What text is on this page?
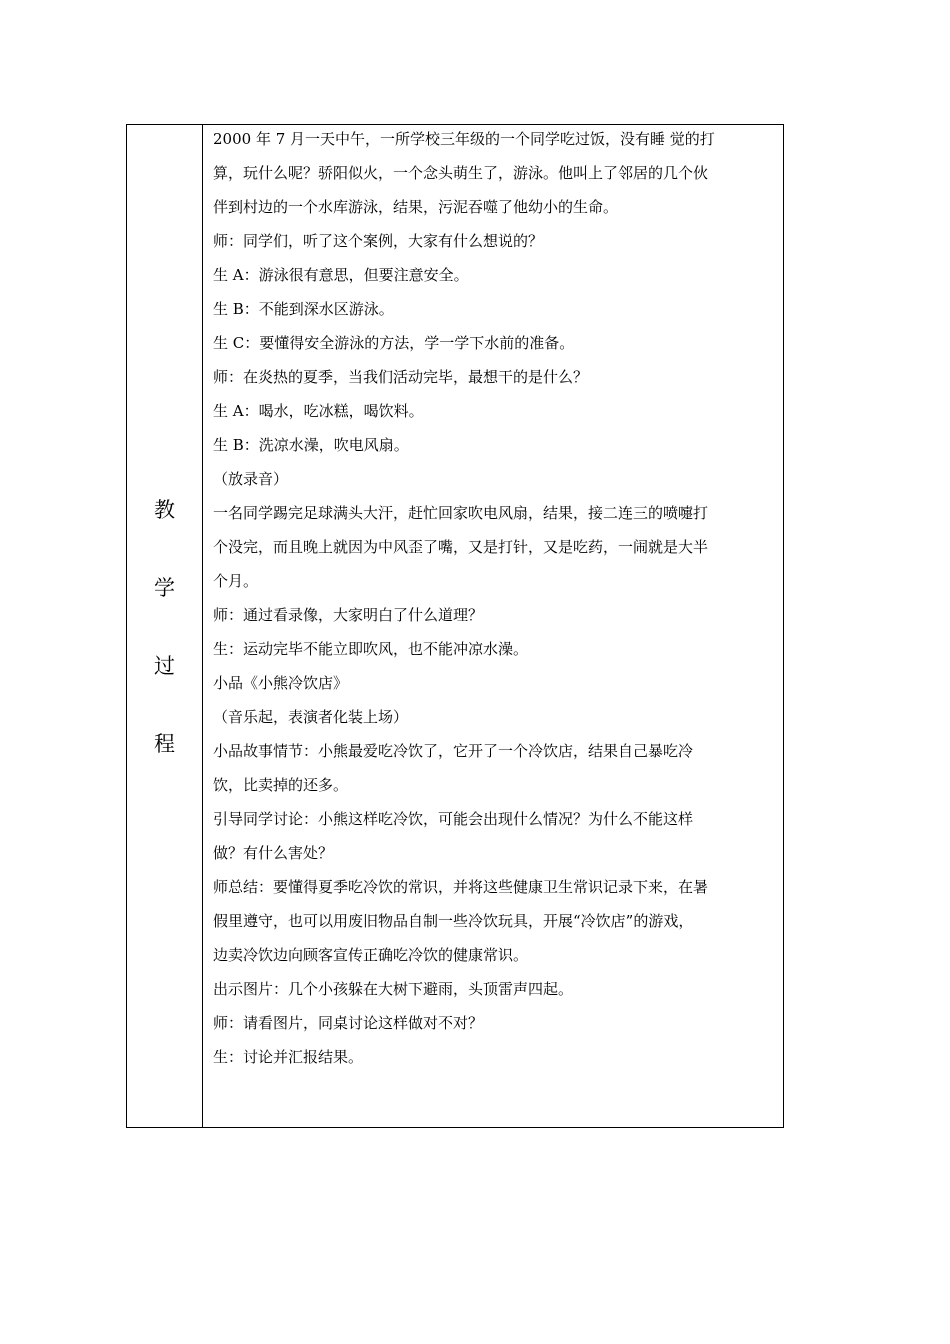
教
学
过
程
2000 年 7 月一天中午，一所学校三年级的一个同学吃过饭，没有睡 觉的打
算，玩什么呢？骄阳似火，一个念头萌生了，游泳。他叫上了邻居的几个伙
伴到村边的一个水库游泳，结果，污泥吞噬了他幼小的生命。
师：同学们，听了这个案例，大家有什么想说的？
生 A：游泳很有意思，但要注意安全。
生 B：不能到深水区游泳。
生 C：要懂得安全游泳的方法，学一学下水前的准备。
师：在炎热的夏季，当我们活动完毕，最想干的是什么？
生 A：喝水，吃冰糕，喝饮料。
生 B：洗凉水澡，吹电风扇。
（放录音）
一名同学踢完足球满头大汗，赶忙回家吹电风扇，结果，接二连三的喷嚏打
个没完，而且晚上就因为中风歪了嘴，又是打针，又是吃药，一闹就是大半
个月。
师：通过看录像，大家明白了什么道理？
生：运动完毕不能立即吹风，也不能冲凉水澡。
小品《小熊冷饮店》
（音乐起，表演者化装上场）
小品故事情节：小熊最爱吃冷饮了，它开了一个冷饮店，结果自己暴吃冷
饮，比卖掉的还多。
引导同学讨论：小熊这样吃冷饮，可能会出现什么情况？为什么不能这样
做？有什么害处？
师总结：要懂得夏季吃冷饮的常识，并将这些健康卫生常识记录下来，在暑
假里遵守，也可以用废旧物品自制一些冷饮玩具，开展“冷饮店”的游戏，
边卖冷饮边向顾客宣传正确吃冷饮的健康常识。
出示图片：几个小孩躲在大树下避雨，头顶雷声四起。
师：请看图片，同桌讨论这样做对不对？
生：讨论并汇报结果。
